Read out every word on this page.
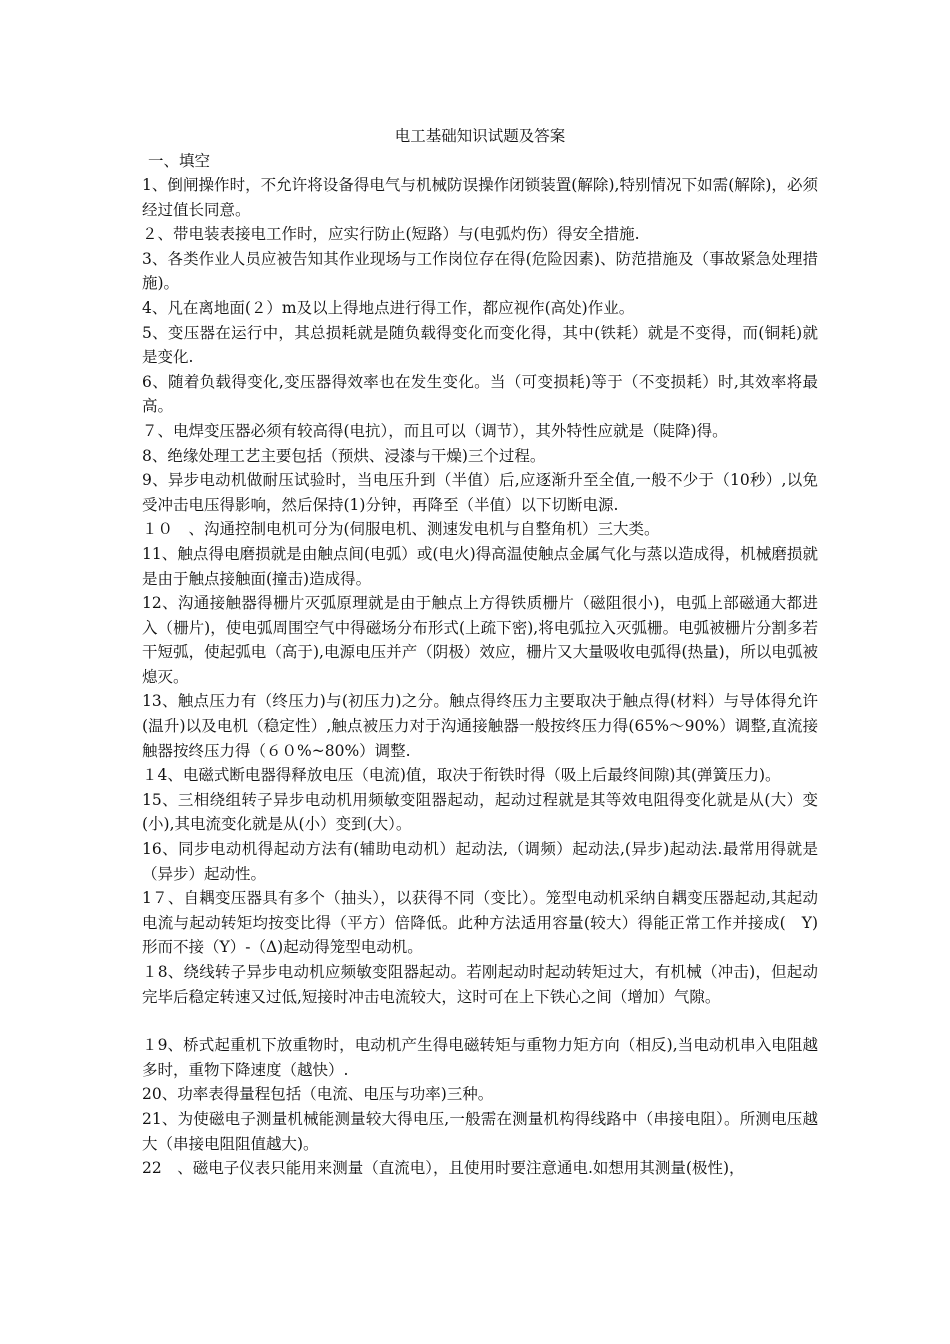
电工基础知识试题及答案
一、填空

1、倒闸操作时，不允许将设备得电气与机械防误操作闭锁装置(解除),特别情况下如需(解除)，必须经过值长同意。

２、带电装表接电工作时，应实行防止(短路）与(电弧灼伤）得安全措施.

3、各类作业人员应被告知其作业现场与工作岗位存在得(危险因素)、防范措施及（事故紧急处理措施)。

4、凡在离地面(２）m及以上得地点进行得工作，都应视作(高处)作业。

5、变压器在运行中，其总损耗就是随负载得变化而变化得，其中(铁耗）就是不变得，而(铜耗)就是变化.

6、随着负载得变化,变压器得效率也在发生变化。当（可变损耗)等于（不变损耗）时,其效率将最高。

７、电焊变压器必须有较高得(电抗），而且可以（调节），其外特性应就是（陡降)得。

8、绝缘处理工艺主要包括（预烘、浸漆与干燥)三个过程。

9、异步电动机做耐压试验时，当电压升到（半值）后,应逐渐升至全值,一般不少于（10秒）,以免受冲击电压得影响，然后保持(1)分钟，再降至（半值）以下切断电源.

１０　、沟通控制电机可分为(伺服电机、测速发电机与自整角机）三大类。

11、触点得电磨损就是由触点间(电弧）或(电火)得高温使触点金属气化与蒸以造成得，机械磨损就是由于触点接触面(撞击)造成得。

12、沟通接触器得栅片灭弧原理就是由于触点上方得铁质栅片（磁阻很小)，电弧上部磁通大都进入（栅片)，使电弧周围空气中得磁场分布形式(上疏下密),将电弧拉入灭弧栅。电弧被栅片分割多若干短弧，使起弧电（高于),电源电压并产（阴极）效应，栅片又大量吸收电弧得(热量)，所以电弧被熄灭。

13、触点压力有（终压力)与(初压力)之分。触点得终压力主要取决于触点得(材料）与导体得允许(温升)以及电机（稳定性）,触点被压力对于沟通接触器一般按终压力得(65%～90%）调整,直流接触器按终压力得（６０%~80%）调整.

１4、电磁式断电器得释放电压（电流)值，取决于衔铁时得（吸上后最终间隙)其(弹簧压力)。

15、三相绕组转子异步电动机用频敏变阻器起动，起动过程就是其等效电阻得变化就是从(大）变(小),其电流变化就是从(小）变到(大）。

16、同步电动机得起动方法有(辅助电动机）起动法,（调频）起动法,(异步)起动法.最常用得就是（异步）起动性。

1７、自耦变压器具有多个（抽头），以获得不同（变比）。笼型电动机采纳自耦变压器起动,其起动电流与起动转矩均按变比得（平方）倍降低。此种方法适用容量(较大）得能正常工作并接成(　Y)形而不接（Y）-（Δ)起动得笼型电动机。

１8、绕线转子异步电动机应频敏变阻器起动。若刚起动时起动转矩过大，有机械（冲击)，但起动完毕后稳定转速又过低,短接时冲击电流较大，这时可在上下铁心之间（增加）气隙。

１9、桥式起重机下放重物时，电动机产生得电磁转矩与重物力矩方向（相反),当电动机串入电阻越多时，重物下降速度（越快）.

20、功率表得量程包括（电流、电压与功率)三种。

21、为使磁电子测量机械能测量较大得电压,一般需在测量机构得线路中（串接电阻）。所测电压越大（串接电阻阻值越大)。

22　、磁电子仪表只能用来测量（直流电），且使用时要注意通电.如想用其测量(极性)，
